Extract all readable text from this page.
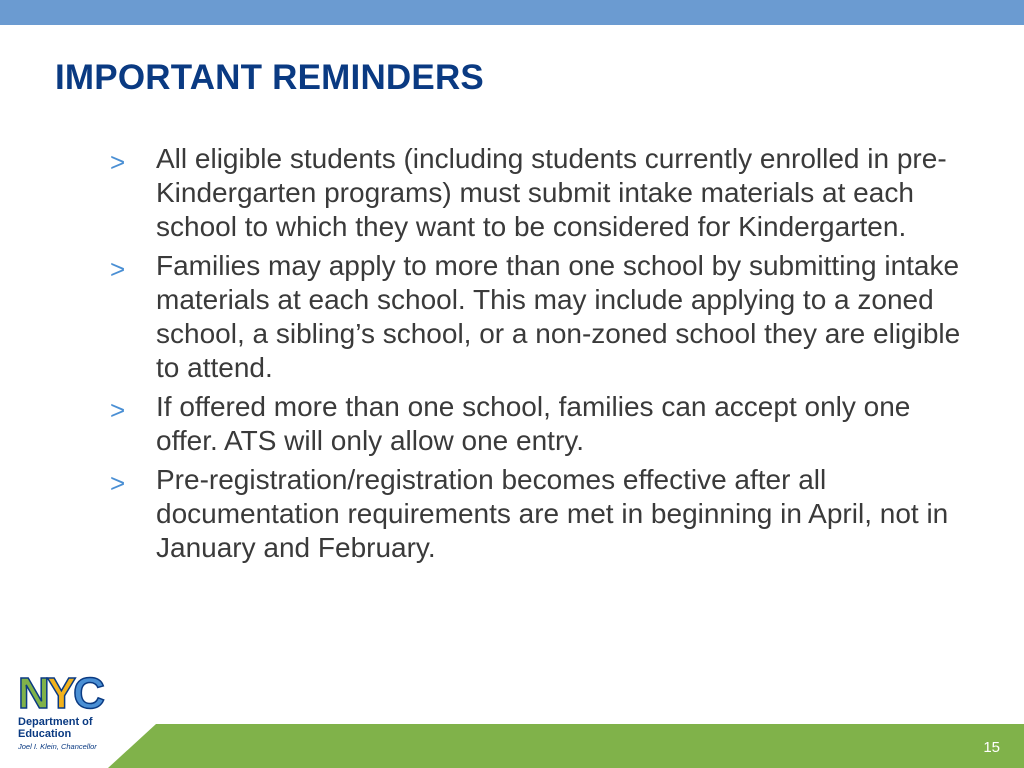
IMPORTANT REMINDERS
>	All eligible students (including students currently enrolled in pre-Kindergarten programs) must submit intake materials at each school to which they want to be considered for Kindergarten.
>	Families may apply to more than one school by submitting intake materials at each school. This may include applying to a zoned school, a sibling’s school, or a non-zoned school they are eligible to attend.
>	If offered more than one school, families can accept only one offer. ATS will only allow one entry.
>	Pre-registration/registration becomes effective after all documentation requirements are met in beginning in April, not in January and February.
N Y C
Department of
Education
Joel I. Klein, Chancellor	15
